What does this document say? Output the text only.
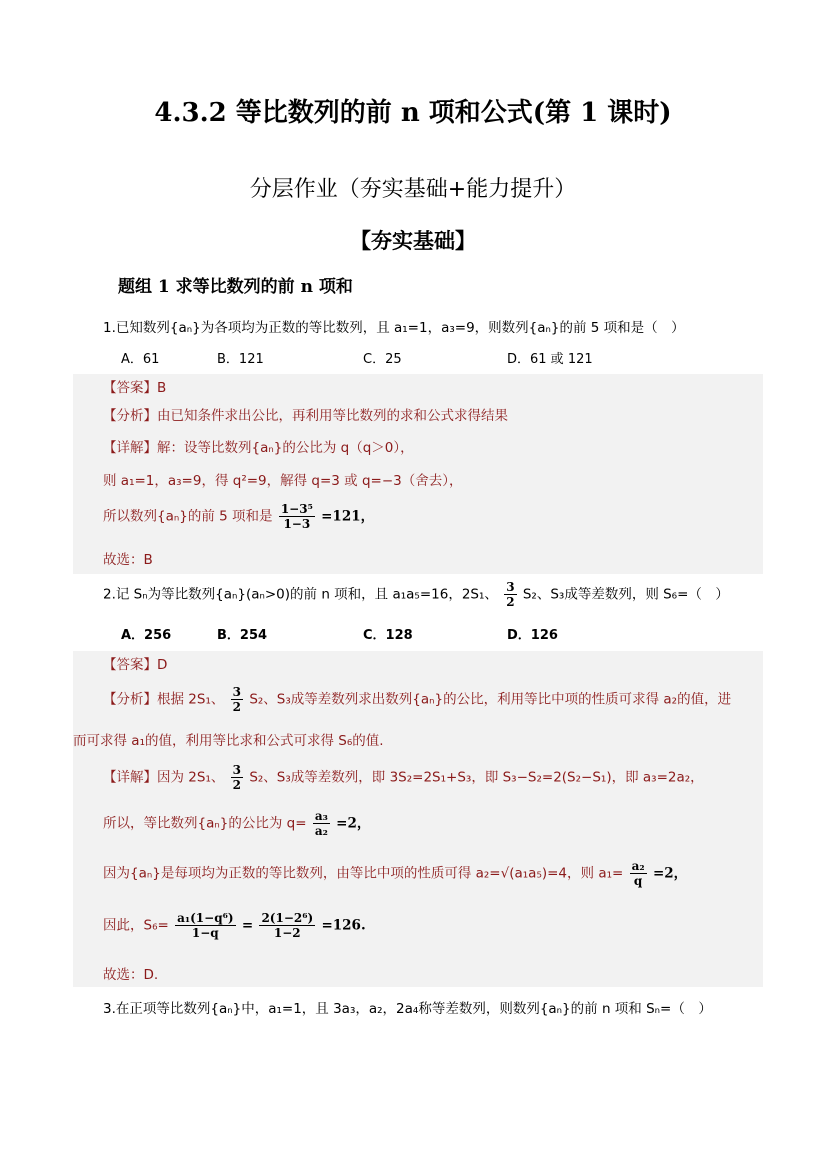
4.3.2 等比数列的前 n 项和公式(第 1 课时)
分层作业（夯实基础+能力提升）
【夯实基础】
题组 1 求等比数列的前 n 项和
1.已知数列{aₙ}为各项均为正数的等比数列，且 a₁=1，a₃=9，则数列{aₙ}的前 5 项和是（　）
A．61	B．121	C．25	D．61 或 121
【答案】B
【分析】由已知条件求出公比，再利用等比数列的求和公式求得结果
【详解】解：设等比数列{aₙ}的公比为 q（q＞0），
则 a₁=1，a₃=9，得 q²=9，解得 q=3 或 q=−3（舍去），
所以数列{aₙ}的前 5 项和是 $\frac{\text{1−3⁵}}{1-3} =121$，
故选：B
2.记 Sₙ为等比数列{aₙ}(aₙ>0)的前 n 项和，且 a₁a₅=16，2S₁、 $\frac{3}{2} S_2$、S₃成等差数列，则 S₆=（　）
A．256	B．254	C．128	D．126
【答案】D
【分析】根据 2S₁、 $\frac{3}{2} S_2$、S₃成等差数列求出数列{aₙ}的公比，利用等比中项的性质可求得 a₂的值，进
而可求得 a₁的值，利用等比求和公式可求得 S₆的值.
【详解】因为 2S₁、 $\frac{3}{2} S_2$、S₃成等差数列，即 3S₂=2S₁+S₃，即 S₃−S₂=2(S₂−S₁)，即 a₃=2a₂，
所以，等比数列{aₙ}的公比为 $q= \frac{\text{a₃}}{\text{a₂}} =2$，
因为{aₙ}是每项均为正数的等比数列，由等比中项的性质可得 a₂=√(a₁a₅)=4，则 $a_1= \frac{\text{a₂}}{q} =2$，
因此，$S_6= \frac{\text{a₁(1−q⁶)}}{1-q} = \frac{\text{2(1−2⁶)}}{1-2} =126$.
故选：D.
3.在正项等比数列{aₙ}中，a₁=1，且 3a₃，a₂，2a₄称等差数列，则数列{aₙ}的前 n 项和 Sₙ=（　）
